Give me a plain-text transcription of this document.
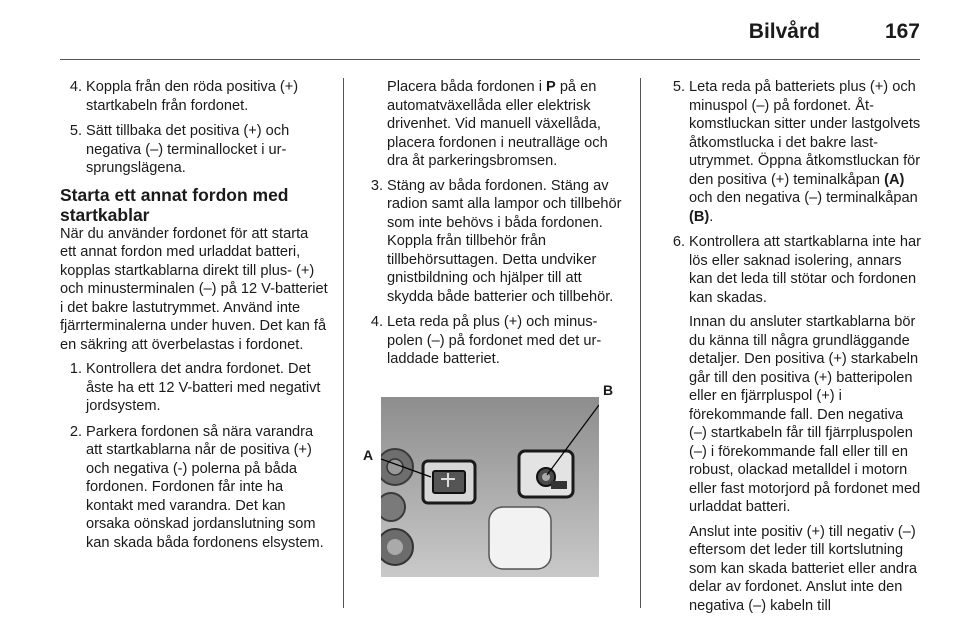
Bilvård	167
4. Koppla från den röda positiva (+) startkabeln från fordonet.
5. Sätt tillbaka det positiva (+) och negativa (–) terminallocket i ursprungslägena.
Starta ett annat fordon med startkablar

När du använder fordonet för att starta ett annat fordon med urladdat batteri, kopplas startkablarna direkt till plus- (+) och minusterminalen (–) på 12 V-batteriet i det bakre lastutrymmet. Använd inte fjärrterminalerna under huven. Det kan få en säkring att överbelastas i fordonet.

1. Kontrollera det andra fordonet. Det åste ha ett 12 V-batteri med negativt jordsystem.
2. Parkera fordonen så nära varandra att startkablarna når de positiva (+) och negativa (-) polerna på båda fordonen. Fordonen får inte ha kontakt med varandra. Det kan orsaka oönskad jordanslutning som kan skada båda fordonens elsystem.

Placera båda fordonen i P på en automatväxellåda eller elektrisk drivenhet. Vid manuell växellåda, placera fordonen i neutralläge och dra åt parkeringsbromsen.

3. Stäng av båda fordonen. Stäng av radion samt alla lampor och tillbehör som inte behövs i båda fordonen. Koppla från tillbehör från tillbehörsuttagen. Detta undviker gnistbildning och hjälper till att skydda både batterier och tillbehör.
4. Leta reda på plus (+) och minuspolen (–) på fordonet med det urladdade batteriet.
A
B
5. Leta reda på batteriets plus (+) och minuspol (–) på fordonet. Åtkomstluckan sitter under lastgolvets åtkomstlucka i det bakre lastutrymmet. Öppna åtkomstluckan för den positiva (+) teminalkåpan (A) och den negativa (–) terminalkåpan (B).
6. Kontrollera att startkablarna inte har lös eller saknad isolering, annars kan det leda till stötar och fordonen kan skadas.

Innan du ansluter startkablarna bör du känna till några grundläggande detaljer. Den positiva (+) starkabeln går till den positiva (+) batteripolen eller en fjärrpluspol (+) i förekommande fall. Den negativa (–) startkabeln får till fjärrpluspolen (–) i förekommande fall eller till en robust, olackad metalldel i motorn eller fast motorjord på fordonet med urladdat batteri.

Anslut inte positiv (+) till negativ (–) eftersom det leder till kortslutning som kan skada batteriet eller andra delar av fordonet. Anslut inte den negativa (–) kabeln till
